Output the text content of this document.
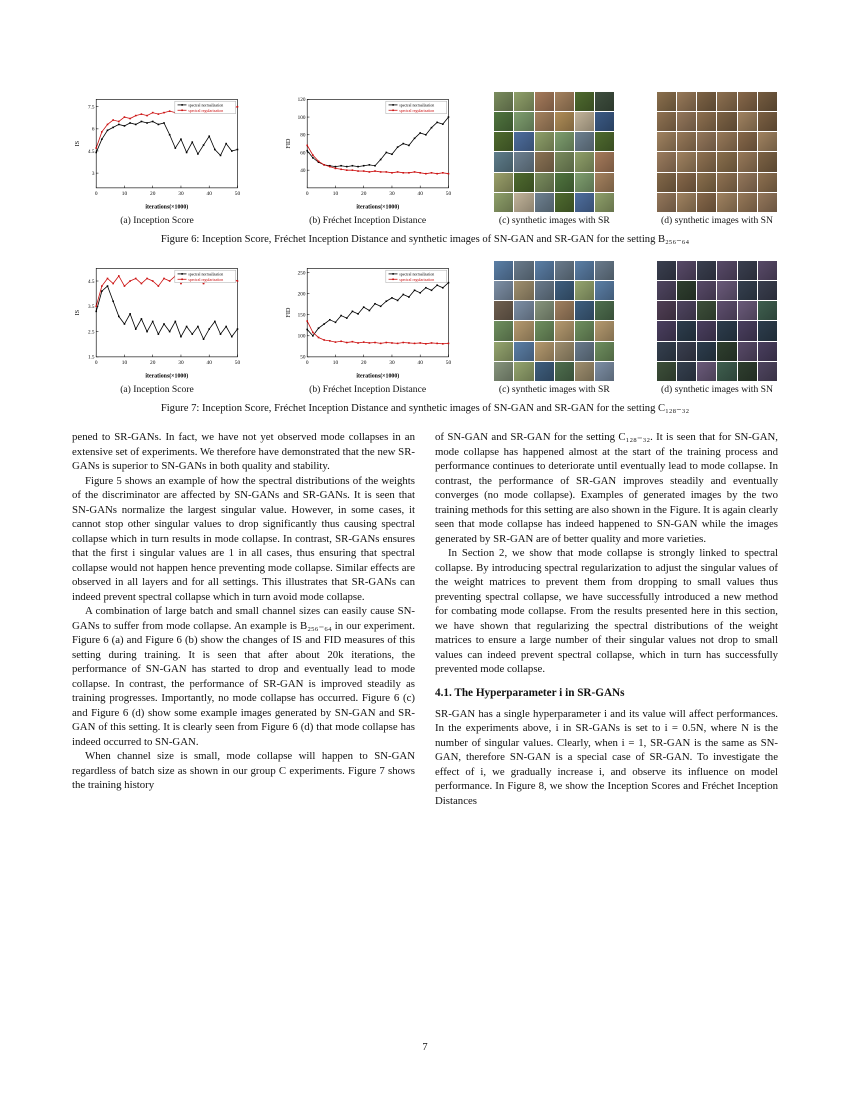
0	10	20	30	40	50
3
4.5
6
7.5	spectral normalization
spectral regularization
iterations(×1000)
IS
(a) Inception Score
0	10	20	30	40	50
40
60
80
100
120
spectral normalization
spectral regularization
iterations(×1000)
FID
(b) Fréchet Inception Distance	(c) synthetic images with SR	(d) synthetic images with SN
Figure 6: Inception Score, Fréchet Inception Distance and synthetic images of SN-GAN and SR-GAN for the setting B₂₅₆₋₆₄
0	10	20	30	40	50
1.5
2.5
3.5
4.5
spectral normalization
spectral regularization
iterations(×1000)
IS
(a) Inception Score
0	10	20	30	40	50
50
100
150
200
250	spectral normalization
spectral regularization
iterations(×1000)
FID
(b) Fréchet Inception Distance	(c) synthetic images with SR	(d) synthetic images with SN
Figure 7: Inception Score, Fréchet Inception Distance and synthetic images of SN-GAN and SR-GAN for the setting C₁₂₈₋₃₂

pened to SR-GANs. In fact, we have not yet observed mode collapses in an extensive set of experiments. We therefore have demonstrated that the new SR-GANs is superior to SN-GANs in both quality and stability.

Figure 5 shows an example of how the spectral distributions of the weights of the discriminator are affected by SN-GANs and SR-GANs. It is seen that SN-GANs normalize the largest singular value. However, in some cases, it cannot stop other singular values to drop significantly thus causing spectral collapse which in turn results in mode collapse. In contrast, SR-GANs ensures that the first i singular values are 1 in all cases, thus ensuring that spectral collapse would not happen hence preventing mode collapse. Similar effects are observed in all layers and for all settings. This illustrates that SR-GANs can indeed prevent spectral collapse which in turn avoid mode collapse.

A combination of large batch and small channel sizes can easily cause SN-GANs to suffer from mode collapse. An example is B₂₅₆₋₆₄ in our experiment. Figure 6 (a) and Figure 6 (b) show the changes of IS and FID measures of this setting during training. It is seen that after about 20k iterations, the performance of SN-GAN has started to drop and eventually lead to mode collapse. In contrast, the performance of SR-GAN is improved steadily as training progresses. Importantly, no mode collapse has occurred. Figure 6 (c) and Figure 6 (d) show some example images generated by SN-GAN and SR-GAN of this setting. It is clearly seen from Figure 6 (d) that mode collapse has indeed occurred to SN-GAN.

When channel size is small, mode collapse will happen to SN-GAN regardless of batch size as shown in our group C experiments. Figure 7 shows the training history

of SN-GAN and SR-GAN for the setting C₁₂₈₋₃₂. It is seen that for SN-GAN, mode collapse has happened almost at the start of the training process and performance continues to deteriorate until eventually lead to mode collapse. In contrast, the performance of SR-GAN improves steadily and eventually converges (no mode collapse). Examples of generated images by the two training methods for this setting are also shown in the Figure. It is again clearly seen that mode collapse has indeed happened to SN-GAN while the images generated by SR-GAN are of better quality and more varieties.

In Section 2, we show that mode collapse is strongly linked to spectral collapse. By introducing spectral regularization to adjust the singular values of the weight matrices to prevent them from dropping to small values thus preventing spectral collapse, we have successfully introduced a new method for combating mode collapse. From the results presented here in this section, we have shown that regularizing the spectral distributions of the weight matrices to ensure a large number of their singular values not drop to small values can indeed prevent spectral collapse, which in turn has successfully prevented mode collapse.

4.1. The Hyperparameter i in SR-GANs

SR-GAN has a single hyperparameter i and its value will affect performances. In the experiments above, i in SR-GANs is set to i = 0.5N, where N is the number of singular values. Clearly, when i = 1, SR-GAN is the same as SN-GAN, therefore SN-GAN is a special case of SR-GAN. To investigate the effect of i, we gradually increase i, and observe its influence on model performance. In Figure 8, we show the Inception Scores and Fréchet Inception Distances

7
